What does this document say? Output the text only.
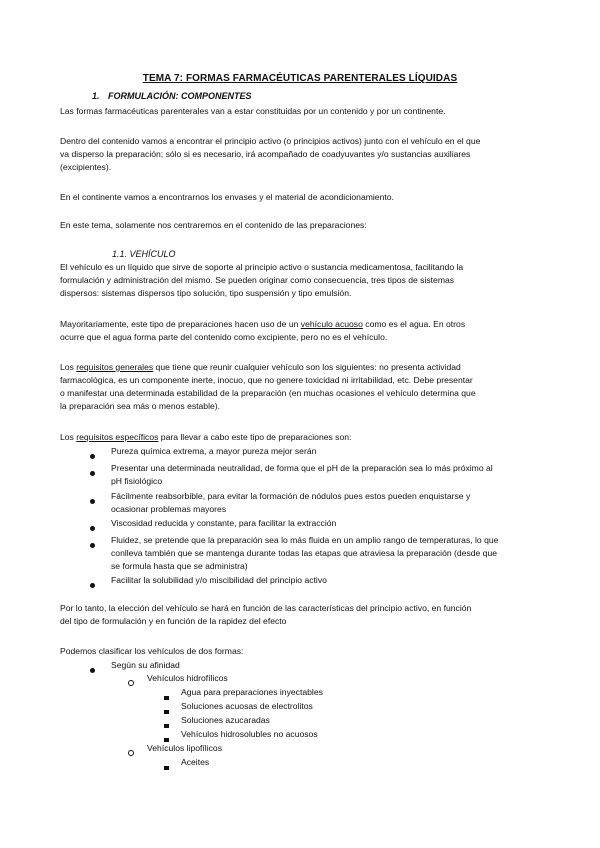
TEMA 7: FORMAS FARMACÉUTICAS PARENTERALES LÍQUIDAS
1. FORMULACIÓN: COMPONENTES
Las formas farmacéuticas parenterales van a estar constituidas por un contenido y por un continente.
Dentro del contenido vamos a encontrar el principio activo (o principios activos) junto con el vehículo en el que
va disperso la preparación; sólo si es necesario, irá acompañado de coadyuvantes y/o sustancias auxiliares
(excipientes).
En el continente vamos a encontrarnos los envases y el material de acondicionamiento.
En este tema, solamente nos centraremos en el contenido de las preparaciones:
1.1. VEHÍCULO
El vehículo es un líquido que sirve de soporte al principio activo o sustancia medicamentosa, facilitando la
formulación y administración del mismo. Se pueden originar como consecuencia, tres tipos de sistemas
dispersos: sistemas dispersos tipo solución, tipo suspensión y tipo emulsión.
Mayoritariamente, este tipo de preparaciones hacen uso de un vehículo acuoso como es el agua. En otros
ocurre que el agua forma parte del contenido como excipiente, pero no es el vehículo.
Los requisitos generales que tiene que reunir cualquier vehículo son los siguientes: no presenta actividad
farmacológica, es un componente inerte, inocuo, que no genere toxicidad ni irritabilidad, etc. Debe presentar
o manifestar una determinada estabilidad de la preparación (en muchas ocasiones el vehículo determina que
la preparación sea más o menos estable).
Los requisitos específicos para llevar a cabo este tipo de preparaciones son:
Pureza química extrema, a mayor pureza mejor serán
Presentar una determinada neutralidad, de forma que el pH de la preparación sea lo más próximo al
pH fisiológico
Fácilmente reabsorbible, para evitar la formación de nódulos pues estos pueden enquistarse y
ocasionar problemas mayores
Viscosidad reducida y constante, para facilitar la extracción
Fluidez, se pretende que la preparación sea lo más fluida en un amplio rango de temperaturas, lo que
conlleva también que se mantenga durante todas las etapas que atraviesa la preparación (desde que
se formula hasta que se administra)
Facilitar la solubilidad y/o miscibilidad del principio activo
Por lo tanto, la elección del vehículo se hará en función de las características del principio activo, en función
del tipo de formulación y en función de la rapidez del efecto
Podemos clasificar los vehículos de dos formas:
Según su afinidad
Vehículos hidrofílicos
Agua para preparaciones inyectables
Soluciones acuosas de electrolitos
Soluciones azucaradas
Vehículos hidrosolubles no acuosos
Vehículos lipofílicos
Aceites
